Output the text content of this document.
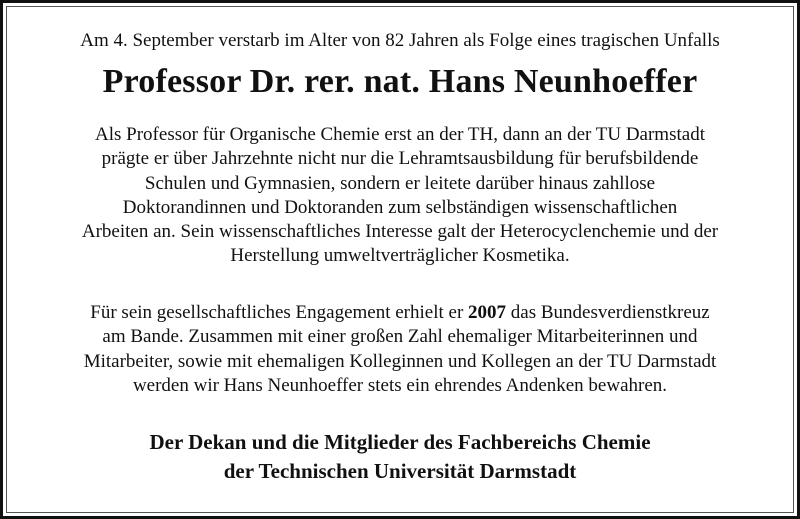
Am 4. September verstarb im Alter von 82 Jahren als Folge eines tragischen Unfalls
Professor Dr. rer. nat. Hans Neunhoeffer
Als Professor für Organische Chemie erst an der TH, dann an der TU Darmstadt
prägte er über Jahrzehnte nicht nur die Lehramtsausbildung für berufsbildende
Schulen und Gymnasien, sondern er leitete darüber hinaus zahllose
Doktorandinnen und Doktoranden zum selbständigen wissenschaftlichen
Arbeiten an. Sein wissenschaftliches Interesse galt der Heterocyclenchemie und der
Herstellung umweltverträglicher Kosmetika.
Für sein gesellschaftliches Engagement erhielt er 2007 das Bundesverdienstkreuz
am Bande. Zusammen mit einer großen Zahl ehemaliger Mitarbeiterinnen und
Mitarbeiter, sowie mit ehemaligen Kolleginnen und Kollegen an der TU Darmstadt
werden wir Hans Neunhoeffer stets ein ehrendes Andenken bewahren.
Der Dekan und die Mitglieder des Fachbereichs Chemie
der Technischen Universität Darmstadt
